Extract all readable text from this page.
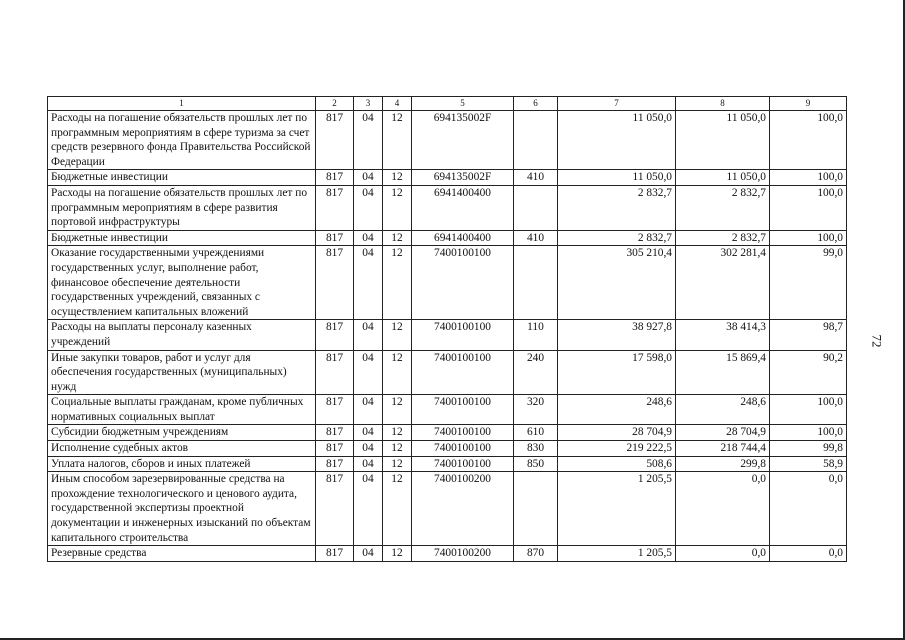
72
1	2	3	4	5	6	7	8	9
Расходы на погашение обязательств прошлых лет по программным мероприятиям в сфере туризма за счет средств резервного фонда Правительства Российской Федерации	817	04	12	694135002F		11 050,0	11 050,0	100,0
Бюджетные инвестиции	817	04	12	694135002F	410	11 050,0	11 050,0	100,0
Расходы на погашение обязательств прошлых лет по программным мероприятиям в сфере развития портовой инфраструктуры	817	04	12	6941400400		2 832,7	2 832,7	100,0
Бюджетные инвестиции	817	04	12	6941400400	410	2 832,7	2 832,7	100,0
Оказание государственными учреждениями государственных услуг, выполнение работ, финансовое обеспечение деятельности государственных учреждений, связанных с осуществлением капитальных вложений	817	04	12	7400100100		305 210,4	302 281,4	99,0
Расходы на выплаты персоналу казенных учреждений	817	04	12	7400100100	110	38 927,8	38 414,3	98,7
Иные закупки товаров, работ и услуг для обеспечения государственных (муниципальных) нужд	817	04	12	7400100100	240	17 598,0	15 869,4	90,2
Социальные выплаты гражданам, кроме публичных нормативных социальных выплат	817	04	12	7400100100	320	248,6	248,6	100,0
Субсидии бюджетным учреждениям	817	04	12	7400100100	610	28 704,9	28 704,9	100,0
Исполнение судебных актов	817	04	12	7400100100	830	219 222,5	218 744,4	99,8
Уплата налогов, сборов и иных платежей	817	04	12	7400100100	850	508,6	299,8	58,9
Иным способом зарезервированные средства на прохождение технологического и ценового аудита, государственной экспертизы проектной документации и инженерных изысканий по объектам капитального строительства	817	04	12	7400100200		1 205,5	0,0	0,0
Резервные средства	817	04	12	7400100200	870	1 205,5	0,0	0,0
